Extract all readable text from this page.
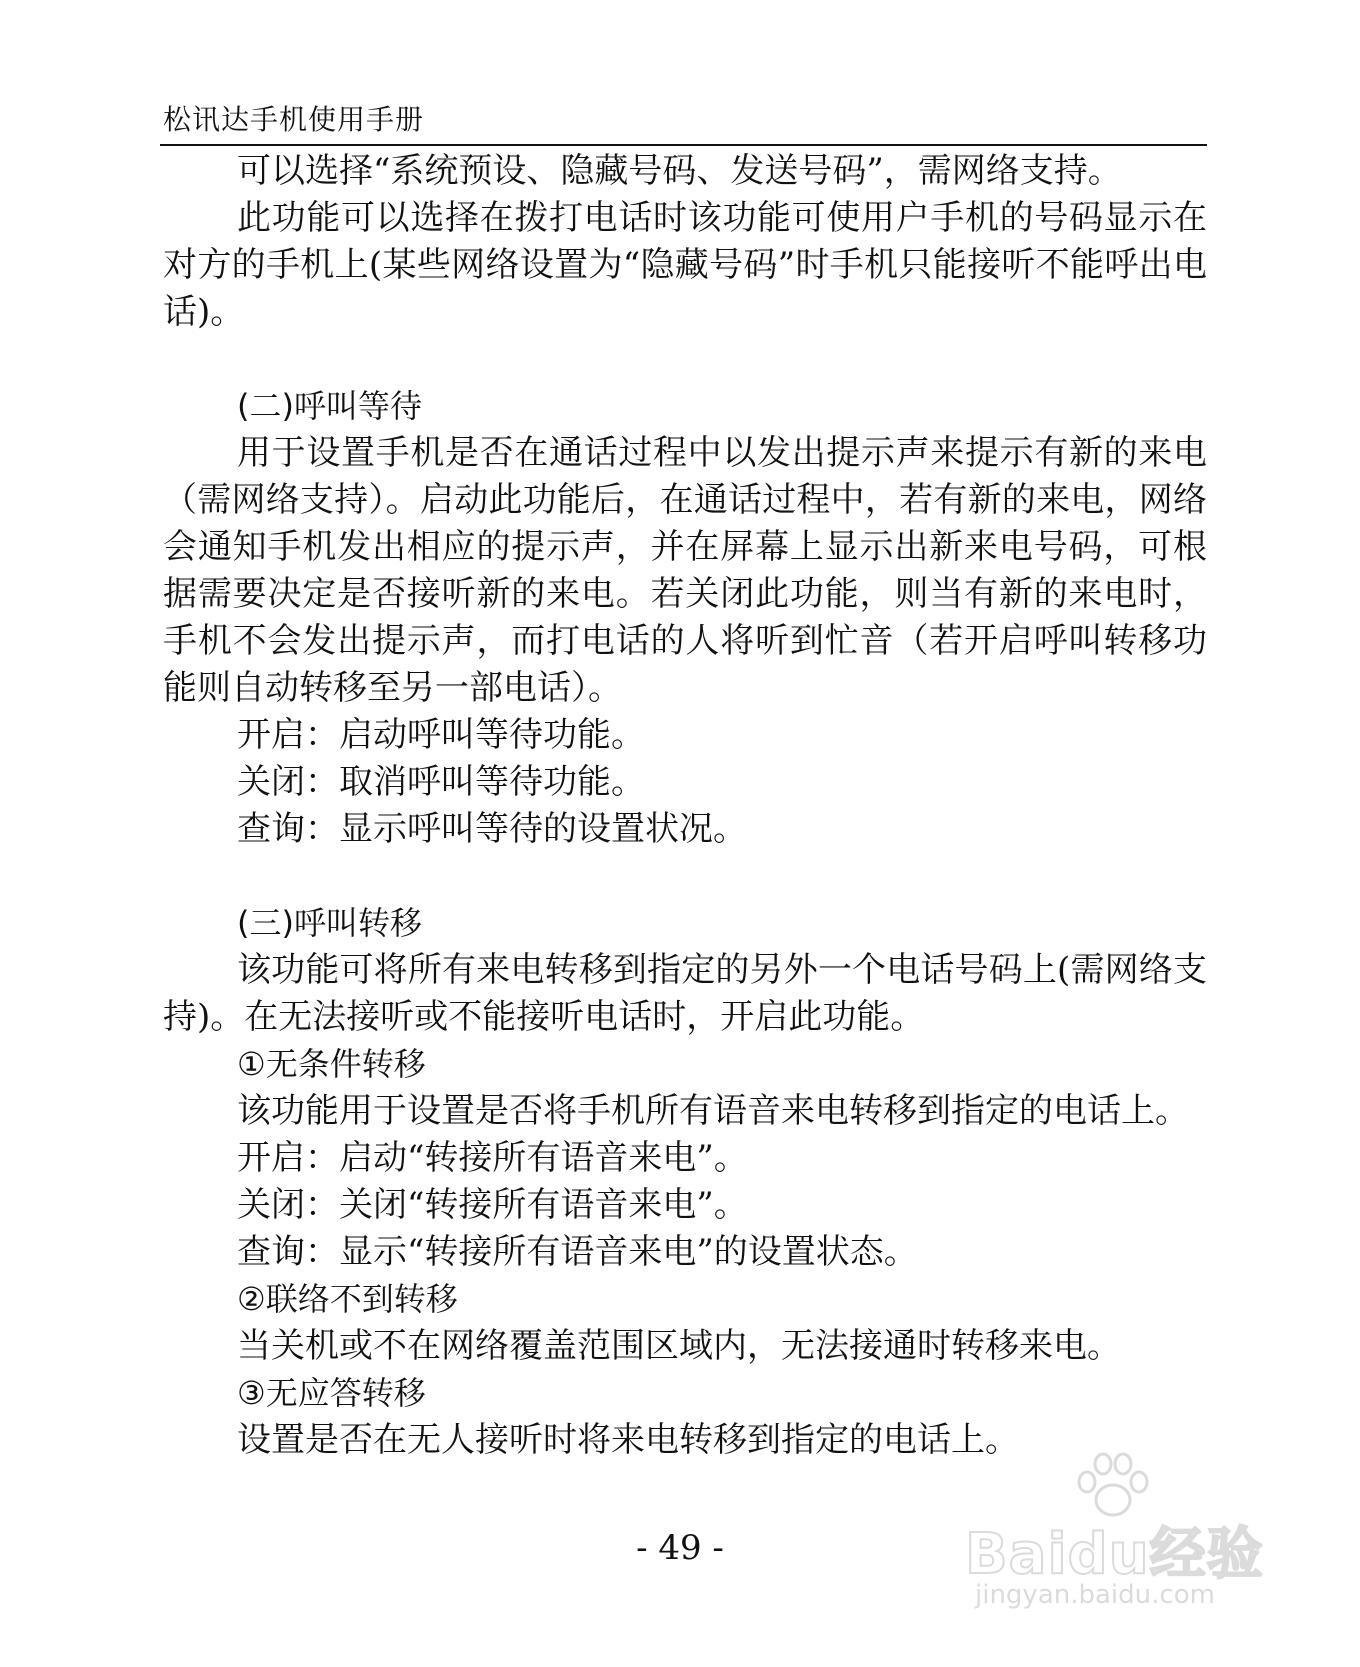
松讯达手机使用手册

可以选择“系统预设、隐藏号码、发送号码”，需网络支持。

此功能可以选择在拨打电话时该功能可使用户手机的号码显示在对方的手机上(某些网络设置为“隐藏号码”时手机只能接听不能呼出电话)。

(二)呼叫等待

用于设置手机是否在通话过程中以发出提示声来提示有新的来电（需网络支持）。启动此功能后，在通话过程中，若有新的来电，网络会通知手机发出相应的提示声，并在屏幕上显示出新来电号码，可根据需要决定是否接听新的来电。若关闭此功能，则当有新的来电时，手机不会发出提示声，而打电话的人将听到忙音（若开启呼叫转移功能则自动转移至另一部电话）。

开启：启动呼叫等待功能。

关闭：取消呼叫等待功能。

查询：显示呼叫等待的设置状况。

(三)呼叫转移

该功能可将所有来电转移到指定的另外一个电话号码上(需网络支持)。在无法接听或不能接听电话时，开启此功能。

①无条件转移

该功能用于设置是否将手机所有语音来电转移到指定的电话上。

开启：启动“转接所有语音来电”。

关闭：关闭“转接所有语音来电”。

查询：显示“转接所有语音来电”的设置状态。

②联络不到转移

当关机或不在网络覆盖范围区域内，无法接通时转移来电。

③无应答转移

设置是否在无人接听时将来电转移到指定的电话上。

- 49 -	Baidu经验
jingyan.baidu.com
